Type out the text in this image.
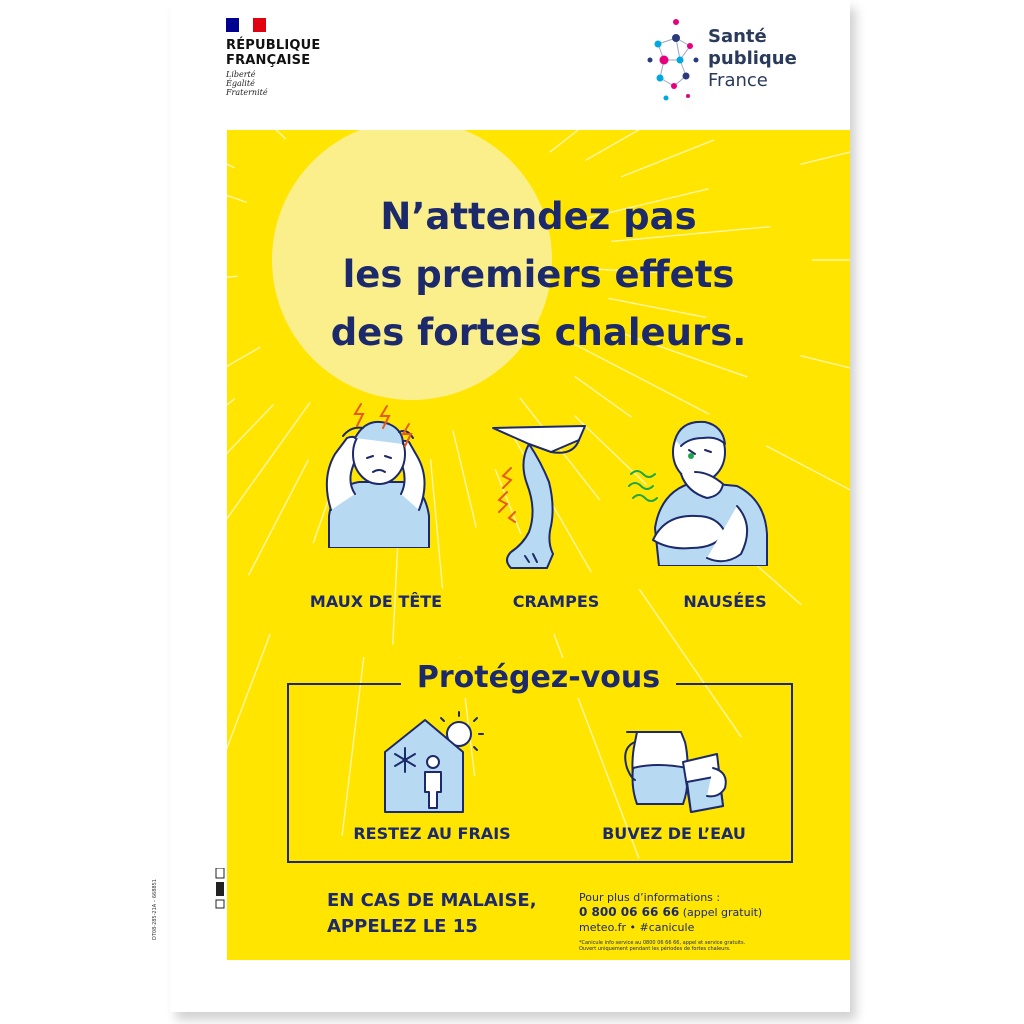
RÉPUBLIQUE
FRANÇAISE
Liberté
Égalité
Fraternité
Santé
publique
France
N’attendez pas
les premiers effets
des fortes chaleurs.
MAUX DE TÊTE	CRAMPES	NAUSÉES
Protégez-vous
RESTEZ AU FRAIS	BUVEZ DE L’EAU
EN CAS DE MALAISE,
APPELEZ LE 15
Pour plus d’informations :
0 800 06 66 66 (appel gratuit)
meteo.fr • #canicule
*Canicule info service au 0800 06 66 66, appel et service gratuits. Ouvert uniquement pendant les périodes de fortes chaleurs.
DT08-285-21A – 668851
